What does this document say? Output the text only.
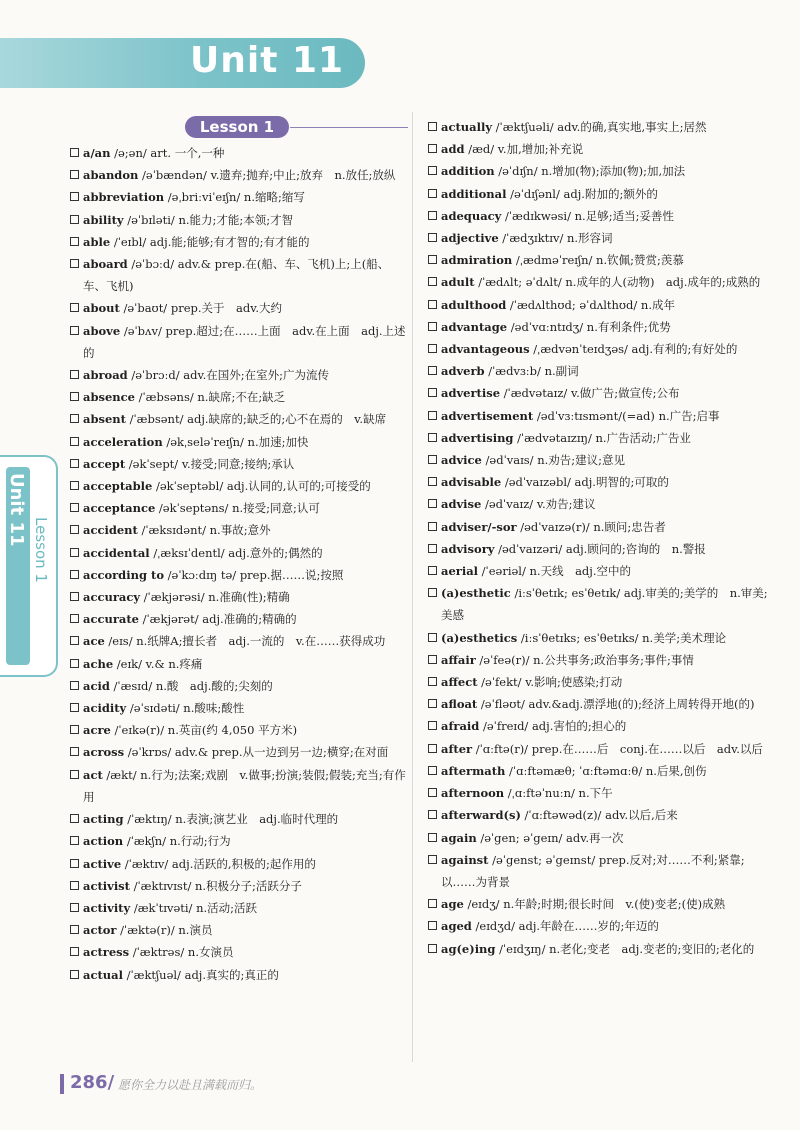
Unit 11
Unit 11
Lesson 1
Lesson 1

a/an /ə;ən/ art. 一个,一种

abandon /əˈbændən/ v.遗弃;抛弃;中止;放弃　n.放任;放纵

abbreviation /əˌbriːviˈeɪʃn/ n.缩略;缩写

ability /əˈbɪləti/ n.能力;才能;本领;才智

able /ˈeɪbl/ adj.能;能够;有才智的;有才能的

aboard /əˈbɔːd/ adv.& prep.在(船、车、飞机)上;上(船、车、飞机)

about /əˈbaʊt/ prep.关于　adv.大约

above /əˈbʌv/ prep.超过;在……上面　adv.在上面　adj.上述的

abroad /əˈbrɔːd/ adv.在国外;在室外;广为流传

absence /ˈæbsəns/ n.缺席;不在;缺乏

absent /ˈæbsənt/ adj.缺席的;缺乏的;心不在焉的　v.缺席

acceleration /əkˌseləˈreɪʃn/ n.加速;加快

accept /əkˈsept/ v.接受;同意;接纳;承认

acceptable /əkˈseptəbl/ adj.认同的,认可的;可接受的

acceptance /əkˈseptəns/ n.接受;同意;认可

accident /ˈæksɪdənt/ n.事故;意外

accidental /ˌæksɪˈdentl/ adj.意外的;偶然的

according to /əˈkɔːdɪŋ tə/ prep.据……说;按照

accuracy /ˈækjərəsi/ n.准确(性);精确

accurate /ˈækjərət/ adj.准确的;精确的

ace /eɪs/ n.纸牌A;擅长者　adj.一流的　v.在……获得成功

ache /eɪk/ v.& n.疼痛

acid /ˈæsɪd/ n.酸　adj.酸的;尖刻的

acidity /əˈsɪdəti/ n.酸味;酸性

acre /ˈeɪkə(r)/ n.英亩(约 4,050 平方米)

across /əˈkrɒs/ adv.& prep.从一边到另一边;横穿;在对面

act /ækt/ n.行为;法案;戏剧　v.做事;扮演;装假;假装;充当;有作用

acting /ˈæktɪŋ/ n.表演;演艺业　adj.临时代理的

action /ˈækʃn/ n.行动;行为

active /ˈæktɪv/ adj.活跃的,积极的;起作用的

activist /ˈæktɪvɪst/ n.积极分子;活跃分子

activity /ækˈtɪvəti/ n.活动;活跃

actor /ˈæktə(r)/ n.演员

actress /ˈæktrəs/ n.女演员

actual /ˈæktʃuəl/ adj.真实的;真正的

actually /ˈæktʃuəli/ adv.的确,真实地,事实上;居然

add /æd/ v.加,增加;补充说

addition /əˈdɪʃn/ n.增加(物);添加(物);加,加法

additional /əˈdɪʃənl/ adj.附加的;额外的

adequacy /ˈædɪkwəsi/ n.足够;适当;妥善性

adjective /ˈædʒɪktɪv/ n.形容词

admiration /ˌædməˈreɪʃn/ n.钦佩;赞赏;羡慕

adult /ˈædʌlt; əˈdʌlt/ n.成年的人(动物)　adj.成年的;成熟的

adulthood /ˈædʌlthʊd; əˈdʌlthʊd/ n.成年

advantage /ədˈvɑːntɪdʒ/ n.有利条件;优势

advantageous /ˌædvənˈteɪdʒəs/ adj.有利的;有好处的

adverb /ˈædvɜːb/ n.副词

advertise /ˈædvətaɪz/ v.做广告;做宣传;公布

advertisement /ədˈvɜːtɪsmənt/(=ad) n.广告;启事

advertising /ˈædvətaɪzɪŋ/ n.广告活动;广告业

advice /ədˈvaɪs/ n.劝告;建议;意见

advisable /ədˈvaɪzəbl/ adj.明智的;可取的

advise /ədˈvaɪz/ v.劝告;建议

adviser/-sor /ədˈvaɪzə(r)/ n.顾问;忠告者

advisory /ədˈvaɪzəri/ adj.顾问的;咨询的　n.警报

aerial /ˈeəriəl/ n.天线　adj.空中的

(a)esthetic /iːsˈθetɪk; esˈθetɪk/ adj.审美的;美学的　n.审美;美感

(a)esthetics /iːsˈθetɪks; esˈθetɪks/ n.美学;美术理论

affair /əˈfeə(r)/ n.公共事务;政治事务;事件;事情

affect /əˈfekt/ v.影响;使感染;打动

afloat /əˈfləʊt/ adv.&adj.漂浮地(的);经济上周转得开地(的)

afraid /əˈfreɪd/ adj.害怕的;担心的

after /ˈɑːftə(r)/ prep.在……后　conj.在……以后　adv.以后

aftermath /ˈɑːftəmæθ; ˈɑːftəmɑːθ/ n.后果,创伤

afternoon /ˌɑːftəˈnuːn/ n.下午

afterward(s) /ˈɑːftəwəd(z)/ adv.以后,后来

again /əˈgen; əˈgeɪn/ adv.再一次

against /əˈgenst; əˈgeɪnst/ prep.反对;对……不利;紧靠;以……为背景

age /eɪdʒ/ n.年龄;时期;很长时间　v.(使)变老;(使)成熟

aged /eɪdʒd/ adj.年龄在……岁的;年迈的

ag(e)ing /ˈeɪdʒɪŋ/ n.老化;变老　adj.变老的;变旧的;老化的

286/ 愿你全力以赴且满载而归。
